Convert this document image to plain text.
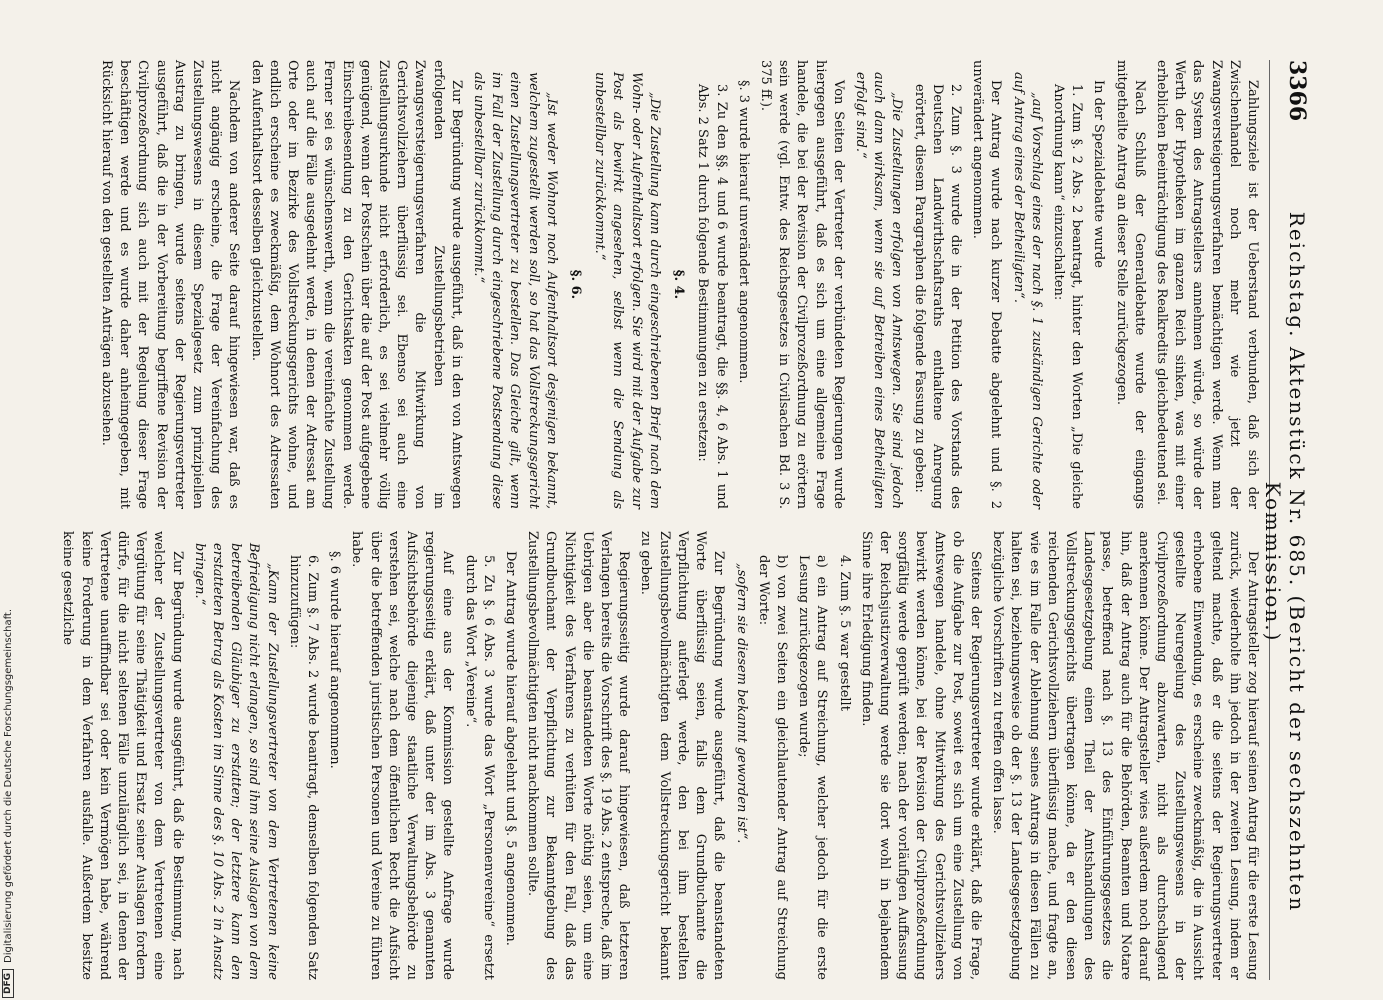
3366
Reichstag. Aktenstück Nr. 685. (Bericht der sechszehnten Kommission.)

Zahlungsziele ist der Ueberstand verbunden, daß sich der Zwischenhandel noch mehr wie jetzt der Zwangsversteigerungsverfahren bemächtigen werde. Wenn man das System des Antragstellers annehmen würde, so würde der Werth der Hypotheken im ganzen Reich sinken, was mit einer erheblichen Beeinträchtigung des Realkredits gleichbedeutend sei.

Nach Schluß der Generaldebatte wurde der eingangs mitgetheilte Antrag an dieser Stelle zurückgezogen.

In der Spezialdebatte wurde

1. Zum §. 2 Abs. 2 beantragt, hinter den Worten „Die gleiche Anordnung kann“ einzuschalten:

„auf Vorschlag eines der nach §. 1 zuständigen Gerichte oder auf Antrag eines der Betheiligten“.

Der Antrag wurde nach kurzer Debatte abgelehnt und §. 2 unverändert angenommen.

2. Zum §. 3 wurde die in der Petition des Vorstands des Deutschen Landwirthschaftsraths enthaltene Anregung erörtert, diesem Paragraphen die folgende Fassung zu geben:

„Die Zustellungen erfolgen von Amtswegen. Sie sind jedoch auch dann wirksam, wenn sie auf Betreiben eines Betheiligten erfolgt sind.“

Von Seiten der Vertreter der verbündeten Regierungen wurde hiergegen ausgeführt, daß es sich um eine allgemeine Frage handele, die bei der Revision der Civilprozeßordnung zu erörtern sein werde (vgl. Entw. des Reichsgesetzes in Civilsachen Bd. 3 S. 375 ff.).

§. 3 wurde hierauf unverändert angenommen.

3. Zu den §§. 4 und 6 wurde beantragt, die §§. 4, 6 Abs. 1 und Abs. 2 Satz 1 durch folgende Bestimmungen zu ersetzen:

§. 4.

„Die Zustellung kann durch eingeschriebenen Brief nach dem Wohn- oder Aufenthaltsort erfolgen. Sie wird mit der Aufgabe zur Post als bewirkt angesehen, selbst wenn die Sendung als unbestellbar zurückkommt.“

§. 6.

„Ist weder Wohnort noch Aufenthaltsort desjenigen bekannt, welchem zugestellt werden soll, so hat das Vollstreckungsgericht einen Zustellungsvertreter zu bestellen. Das Gleiche gilt, wenn im Fall der Zustellung durch eingeschriebene Postsendung diese als unbestellbar zurückkommt.“

Zur Begründung wurde ausgeführt, daß in den von Amtswegen erfolgenden Zustellungsbetrieben im Zwangsversteigerungsverfahren die Mitwirkung von Gerichtsvollziehern überflüssig sei. Ebenso sei auch eine Zustellungsurkunde nicht erforderlich, es sei vielmehr völlig genügend, wenn der Postschein über die auf der Post aufgegebene Einschreibesendung zu den Gerichtsakten genommen werde. Ferner sei es wünschenswerth, wenn die vereinfachte Zustellung auch auf die Fälle ausgedehnt werde, in denen der Adressat am Orte oder im Bezirke des Vollstreckungsgerichts wohne, und endlich erscheine es zweckmäßig, dem Wohnort des Adressaten den Aufenthaltsort desselben gleichzustellen.

Nachdem von anderer Seite darauf hingewiesen war, daß es nicht angängig erscheine, die Frage der Vereinfachung des Zustellungswesens in diesem Spezialgesetz zum prinzipiellen Austrag zu bringen, wurde seitens der Regierungsvertreter ausgeführt, daß die in der Vorbereitung begriffene Revision der Civilprozeßordnung sich auch mit der Regelung dieser Frage beschäftigen werde und es wurde daher anheimgegeben, mit Rücksicht hierauf von den gestellten Anträgen abzusehen.

Der Antragsteller zog hierauf seinen Antrag für die erste Lesung zurück, wiederholte ihn jedoch in der zweiten Lesung, indem er geltend machte, daß er die seitens der Regierungsvertreter erhobene Einwendung, es erscheine zweckmäßig, die in Aussicht gestellte Neuregelung des Zustellungswesens in der Civilprozeßordnung abzuwarten, nicht als durchschlagend anerkennen könne. Der Antragsteller wies außerdem noch darauf hin, daß der Antrag auch für die Behörden, Beamten und Notare passe, betreffend nach §. 13 des Einführungsgesetzes die Landesgesetzgebung einen Theil der Amtshandlungen des Vollstreckungsgerichts übertragen könne, da er den diesen reichenden Gerichtsvollziehern überflüssig mache, und fragte an, wie es im Falle der Ablehnung seines Antrags in diesen Fällen zu halten sei, beziehungsweise ob der §. 13 der Landesgesetzgebung bezügliche Vorschriften zu treffen offen lasse.

Seitens der Regierungsvertreter wurde erklärt, daß die Frage, ob die Aufgabe zur Post, soweit es sich um eine Zustellung von Amtswegen handele, ohne Mitwirkung des Gerichtsvollziehers bewirkt werden könne, bei der Revision der Civilprozeßordnung sorgfältig werde geprüft werden; nach der vorläufigen Auffassung der Reichsjustizverwaltung werde sie dort wohl in bejahendem Sinne ihre Erledigung finden.

4. Zum §. 5 war gestellt

a) ein Antrag auf Streichung, welcher jedoch für die erste Lesung zurückgezogen wurde;

b) von zwei Seiten ein gleichlautender Antrag auf Streichung der Worte:

„sofern sie diesem bekannt geworden ist“.

Zur Begründung wurde ausgeführt, daß die beanstandeten Worte überflüssig seien, falls dem Grundbuchamte die Verpflichtung auferlegt werde, den bei ihm bestellten Zustellungsbevollmächtigten dem Vollstreckungsgericht bekannt zu geben.

Regierungsseitig wurde darauf hingewiesen, daß letzteren Verlangen bereits die Vorschrift des §. 19 Abs. 2 entspreche, daß im Uebrigen aber die beanstandeten Worte nöthig seien, um eine Nichtigkeit des Verfahrens zu verhüten für den Fall, daß das Grundbuchamt der Verpflichtung zur Bekanntgebung des Zustellungsbevollmächtigten nicht nachkommen sollte.

Der Antrag wurde hierauf abgelehnt und §. 5 angenommen.

5. Zu §. 6 Abs. 3 wurde das Wort „Personenvereine“ ersetzt durch das Wort „Vereine“.

Auf eine aus der Kommission gestellte Anfrage wurde regierungsseitig erklärt, daß unter der im Abs. 3 genannten Aufsichtsbehörde diejenige staatliche Verwaltungsbehörde zu verstehen sei, welche nach dem öffentlichen Recht die Aufsicht über die betreffenden juristischen Personen und Vereine zu führen habe.

§. 6 wurde hierauf angenommen.

6. Zum §. 7 Abs. 2 wurde beantragt, demselben folgenden Satz hinzuzufügen:

„Kann der Zustellungsvertreter von dem Vertretenen keine Befriedigung nicht erlangen, so sind ihm seine Auslagen von dem betreibenden Gläubiger zu erstatten; der letztere kann den erstatteten Betrag als Kosten im Sinne des §. 10 Abs. 2 in Ansatz bringen.“

Zur Begründung wurde ausgeführt, daß die Bestimmung, nach welcher der Zustellungsvertreter von dem Vertretenen eine Vergütung für seine Thätigkeit und Ersatz seiner Auslagen fordern dürfe, für die nicht seltenen Fälle unzulänglich sei, in denen der Vertretene unauffindbar sei oder kein Vermögen habe, während keine Forderung in dem Verfahren ausfalle. Außerdem besitze keine gesetzliche

DFG
Digitalisierung gefördert durch die Deutsche Forschungsgemeinschaft.
